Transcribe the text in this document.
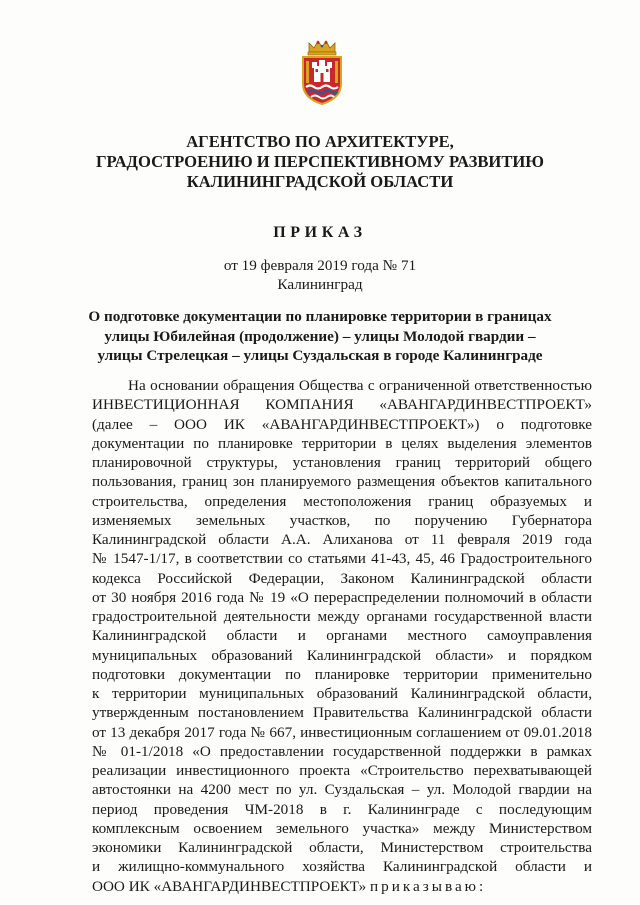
АГЕНТСТВО ПО АРХИТЕКТУРЕ,
ГРАДОСТРОЕНИЮ И ПЕРСПЕКТИВНОМУ РАЗВИТИЮ
КАЛИНИНГРАДСКОЙ ОБЛАСТИ
ПРИКАЗ
от 19 февраля 2019 года № 71
Калининград
О подготовке документации по планировке территории в границах
улицы Юбилейная (продолжение) – улицы Молодой гвардии –
улицы Стрелецкая – улицы Суздальская в городе Калининграде
На основании обращения Общества с ограниченной ответственностью
ИНВЕСТИЦИОННАЯ КОМПАНИЯ «АВАНГАРДИНВЕСТПРОЕКТ»
(далее – ООО ИК «АВАНГАРДИНВЕСТПРОЕКТ») о подготовке
документации по планировке территории в целях выделения элементов
планировочной структуры, установления границ территорий общего
пользования, границ зон планируемого размещения объектов капитального
строительства, определения местоположения границ образуемых и
изменяемых земельных участков, по поручению Губернатора
Калининградской области А.А. Алиханова от 11 февраля 2019 года
№ 1547-1/17, в соответствии со статьями 41-43, 45, 46 Градостроительного
кодекса Российской Федерации, Законом Калининградской области
от 30 ноября 2016 года № 19 «О перераспределении полномочий в области
градостроительной деятельности между органами государственной власти
Калининградской области и органами местного самоуправления
муниципальных образований Калининградской области» и порядком
подготовки документации по планировке территории применительно
к территории муниципальных образований Калининградской области,
утвержденным постановлением Правительства Калининградской области
от 13 декабря 2017 года № 667, инвестиционным соглашением от 09.01.2018
№ 01-1/2018 «О предоставлении государственной поддержки в рамках
реализации инвестиционного проекта «Строительство перехватывающей
автостоянки на 4200 мест по ул. Суздальская – ул. Молодой гвардии на
период проведения ЧМ-2018 в г. Калининграде с последующим
комплексным освоением земельного участка» между Министерством
экономики Калининградской области, Министерством строительства
и жилищно-коммунального хозяйства Калининградской области и
ООО ИК «АВАНГАРДИНВЕСТПРОЕКТ» приказываю:
